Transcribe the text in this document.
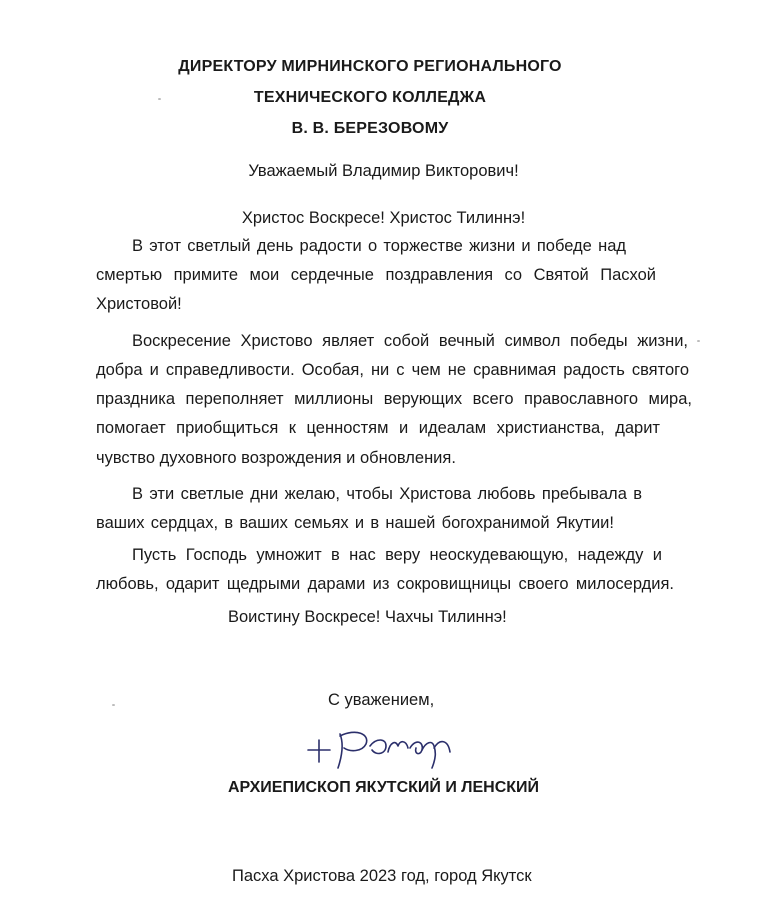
ДИРЕКТОРУ МИРНИНСКОГО РЕГИОНАЛЬНОГО
ТЕХНИЧЕСКОГО КОЛЛЕДЖА
В. В. БЕРЕЗОВОМУ
Уважаемый Владимир Викторович!
Христос Воскресе! Христос Тилиннэ!
В этот светлый день радости о торжестве жизни и победе над
смертью примите мои сердечные поздравления со Святой Пасхой
Христовой!
Воскресение Христово являет собой вечный символ победы жизни,
добра и справедливости. Особая, ни с чем не сравнимая радость святого
праздника переполняет миллионы верующих всего православного мира,
помогает приобщиться к ценностям и идеалам христианства, дарит
чувство духовного возрождения и обновления.
В эти светлые дни желаю, чтобы Христова любовь пребывала в
ваших сердцах, в ваших семьях и в нашей богохранимой Якутии!
Пусть Господь умножит в нас веру неоскудевающую, надежду и
любовь, одарит щедрыми дарами из сокровищницы своего милосердия.
Воистину Воскресе! Чахчы Тилиннэ!
С уважением,
АРХИЕПИСКОП ЯКУТСКИЙ И ЛЕНСКИЙ
Пасха Христова 2023 год, город Якутск
